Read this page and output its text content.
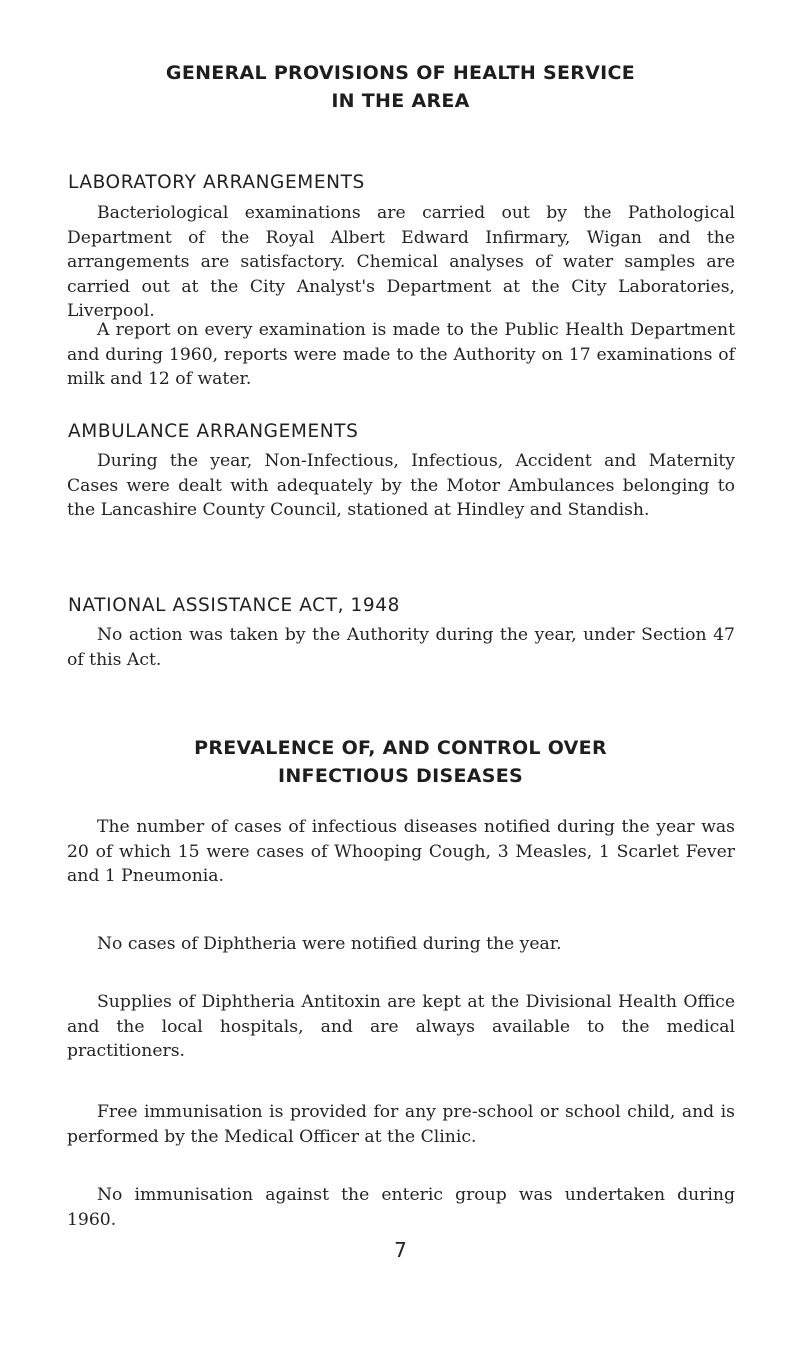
GENERAL PROVISIONS OF HEALTH SERVICE
IN THE AREA
LABORATORY ARRANGEMENTS

Bacteriological examinations are carried out by the Pathological Department of the Royal Albert Edward Infirmary, Wigan and the arrangements are satisfactory. Chemical analyses of water samples are carried out at the City Analyst's Department at the City Laboratories, Liverpool.

A report on every examination is made to the Public Health Department and during 1960, reports were made to the Authority on 17 examinations of milk and 12 of water.

AMBULANCE ARRANGEMENTS

During the year, Non-Infectious, Infectious, Accident and Maternity Cases were dealt with adequately by the Motor Ambulances belonging to the Lancashire County Council, stationed at Hindley and Standish.

NATIONAL ASSISTANCE ACT, 1948

No action was taken by the Authority during the year, under Section 47 of this Act.

PREVALENCE OF, AND CONTROL OVER
INFECTIOUS DISEASES

The number of cases of infectious diseases notified during the year was 20 of which 15 were cases of Whooping Cough, 3 Measles, 1 Scarlet Fever and 1 Pneumonia.

No cases of Diphtheria were notified during the year.

Supplies of Diphtheria Antitoxin are kept at the Divisional Health Office and the local hospitals, and are always available to the medical practitioners.

Free immunisation is provided for any pre-school or school child, and is performed by the Medical Officer at the Clinic.

No immunisation against the enteric group was undertaken during 1960.

7
